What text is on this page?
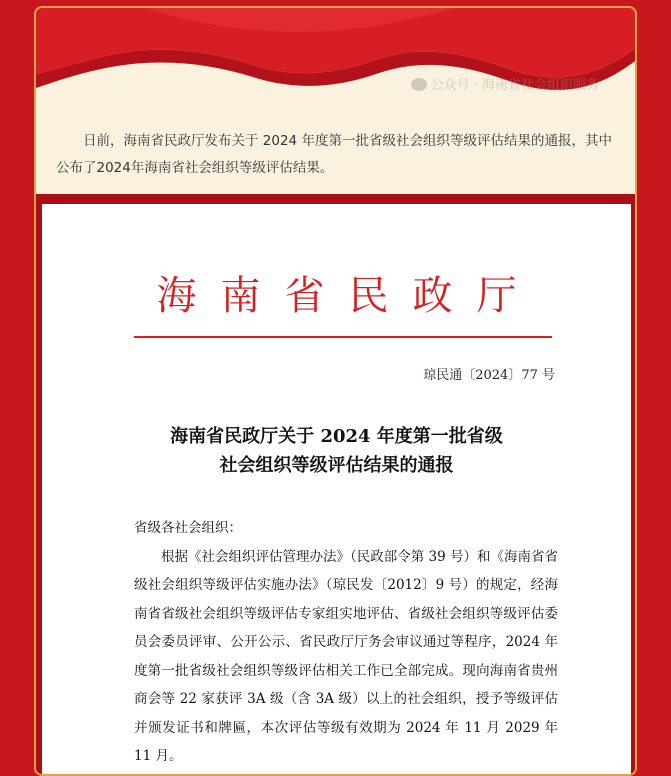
公众号 · 海南省社会组织服务

日前，海南省民政厅发布关于 2024 年度第一批省级社会组织等级评估结果的通报，其中公布了2024年海南省社会组织等级评估结果。

海南省民政厅
琼民通〔2024〕77 号
海南省民政厅关于 2024 年度第一批省级
社会组织等级评估结果的通报

省级各社会组织：

根据《社会组织评估管理办法》（民政部令第 39 号）和《海南省省级社会组织等级评估实施办法》（琼民发〔2012〕9 号）的规定，经海南省省级社会组织等级评估专家组实地评估、省级社会组织等级评估委员会委员评审、公开公示、省民政厅厅务会审议通过等程序，2024 年度第一批省级社会组织等级评估相关工作已全部完成。现向海南省贵州商会等 22 家获评 3A 级（含 3A 级）以上的社会组织，授予等级评估并颁发证书和牌匾，本次评估等级有效期为 2024 年 11 月 2029 年 11 月。
